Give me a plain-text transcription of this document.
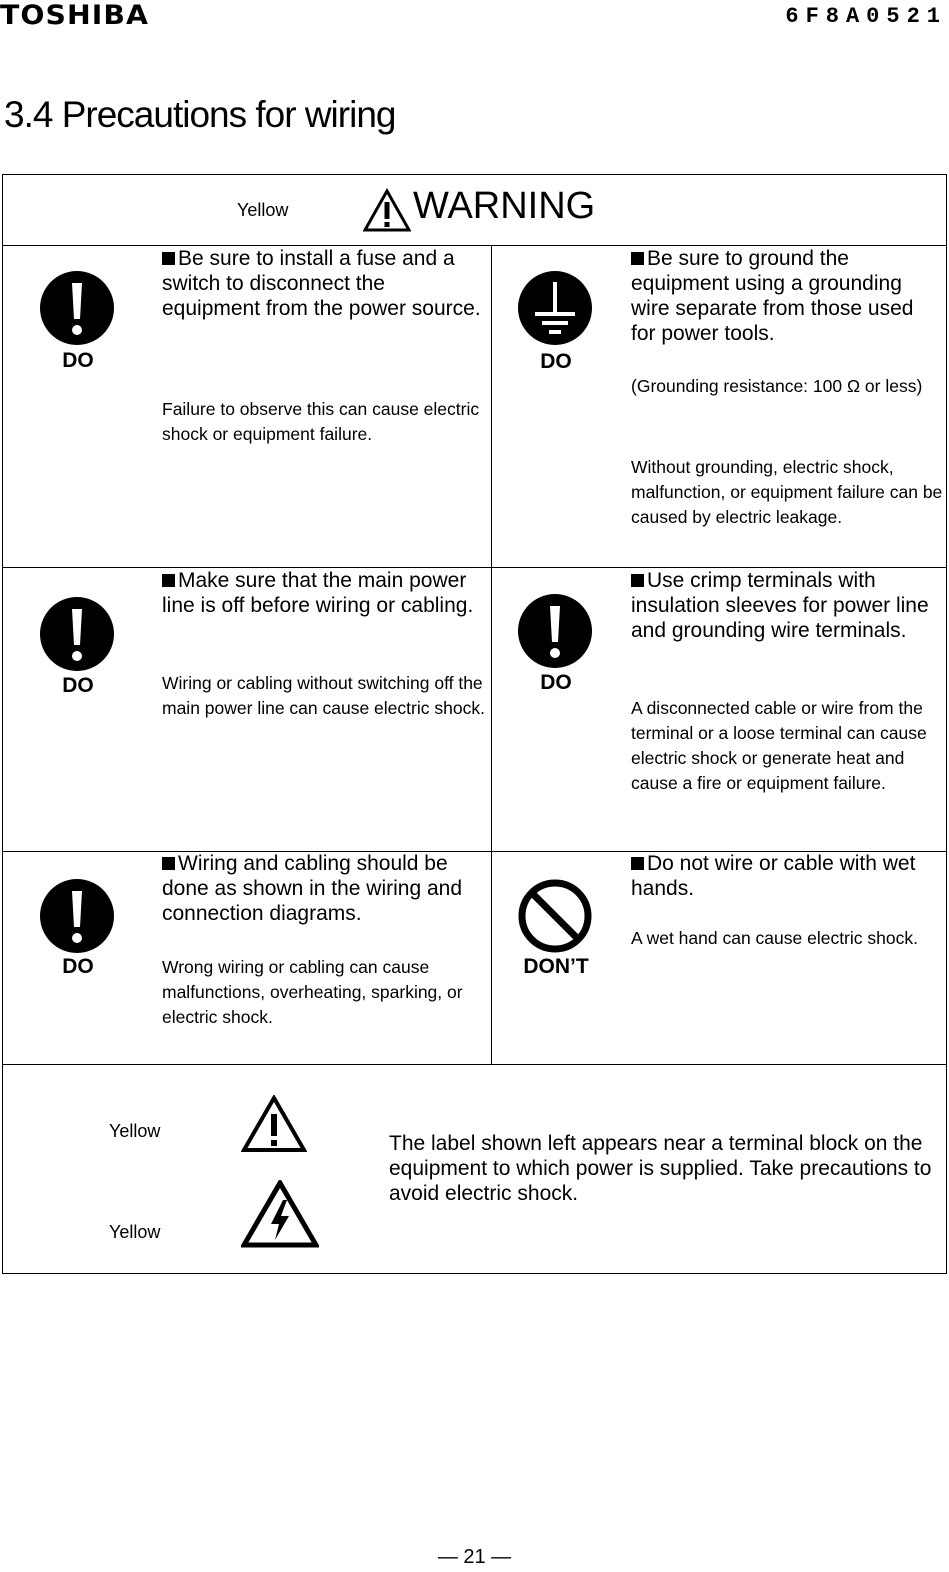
TOSHIBA	6F8A0521
3.4 Precautions for wiring
Yellow	WARNING
DO
Be sure to install a fuse and a switch to disconnect the equipment from the power source.
Failure to observe this can cause electric shock or equipment failure.
DO
Be sure to ground the equipment using a grounding wire separate from those used for power tools.
(Grounding resistance: 100 Ω or less)
Without grounding, electric shock, malfunction, or equipment failure can be caused by electric leakage.
DO
Make sure that the main power line is off before wiring or cabling.
Wiring or cabling without switching off the main power line can cause electric shock.
DO
Use crimp terminals with insulation sleeves for power line and grounding wire terminals.
A disconnected cable or wire from the terminal or a loose terminal can cause electric shock or generate heat and cause a fire or equipment failure.
DO
Wiring and cabling should be done as shown in the wiring and connection diagrams.
Wrong wiring or cabling can cause malfunctions, overheating, sparking, or electric shock.
DON’T
Do not wire or cable with wet hands.
A wet hand can cause electric shock.
Yellow
Yellow
The label shown left appears near a terminal block on the equipment to which power is supplied. Take precautions to avoid electric shock.
— 21 —
